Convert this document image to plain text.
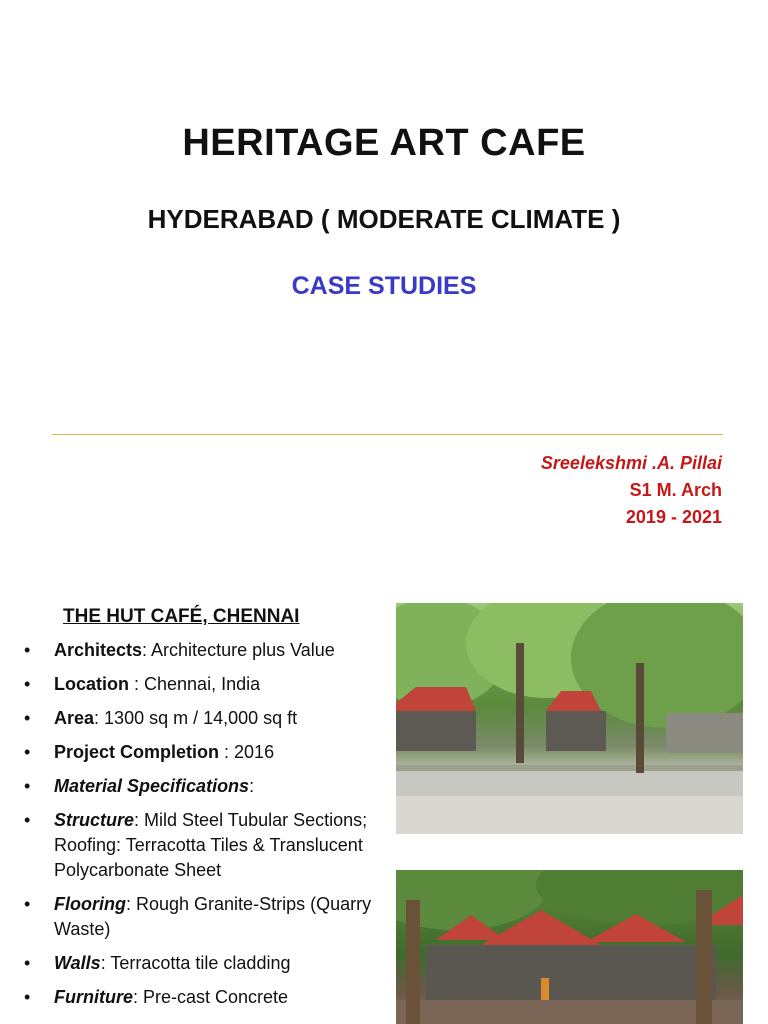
HERITAGE ART CAFE
HYDERABAD ( MODERATE CLIMATE )
CASE STUDIES
Sreelekshmi .A. Pillai
S1 M. Arch
2019 - 2021
THE HUT CAFÉ, CHENNAI
• Architects: Architecture plus Value
• Location : Chennai, India
• Area: 1300 sq m / 14,000 sq ft
• Project Completion : 2016
• Material Specifications:
• Structure: Mild Steel Tubular Sections; Roofing: Terracotta Tiles & Translucent Polycarbonate Sheet
• Flooring: Rough Granite-Strips (Quarry Waste)
• Walls: Terracotta tile cladding
• Furniture: Pre-cast Concrete
